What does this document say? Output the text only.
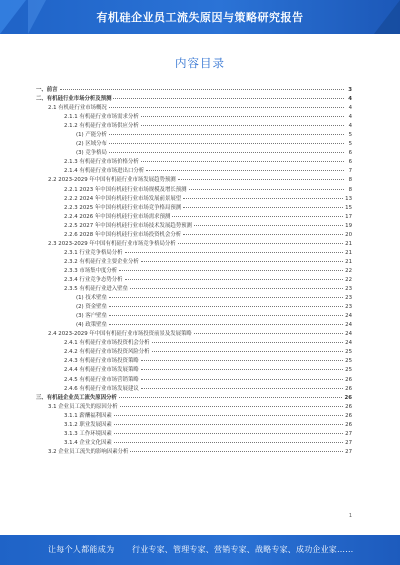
有机硅企业员工流失原因与策略研究报告
内容目录
一、前言	3
二、有机硅行业市场分析及预测	4
2.1 有机硅行业市场概况	4
2.1.1 有机硅行业市场需求分析	4
2.1.2 有机硅行业市场供应分析	4
(1) 产能分析	5
(2) 区域分布	5
(3) 竞争格局	6
2.1.3 有机硅行业市场价格分析	6
2.1.4 有机硅行业市场进出口分析	7
2.2 2023-2029 年中国有机硅行业市场发展趋势预测	8
2.2.1 2023 年中国有机硅行业市场规模及增长预测	8
2.2.2 2024 年中国有机硅行业市场发展前景展望	13
2.2.3 2025 年中国有机硅行业市场竞争格局预测	15
2.2.4 2026 年中国有机硅行业市场需求预测	17
2.2.5 2027 年中国有机硅行业市场技术发展趋势预测	19
2.2.6 2028 年中国有机硅行业市场投资机会分析	20
2.3 2023-2029 年中国有机硅行业市场竞争格局分析	21
2.3.1 行业竞争格局分析	21
2.3.2 有机硅行业主要企业分析	21
2.3.3 市场集中度分析	22
2.3.4 行业竞争态势分析	22
2.3.5 有机硅行业进入壁垒	23
(1) 技术壁垒	23
(2) 资金壁垒	23
(3) 客户壁垒	24
(4) 政策壁垒	24
2.4 2023-2029 年中国有机硅行业市场投资前景及发展策略	24
2.4.1 有机硅行业市场投资机会分析	24
2.4.2 有机硅行业市场投资风险分析	25
2.4.3 有机硅行业市场投资策略	25
2.4.4 有机硅行业市场发展策略	25
2.4.5 有机硅行业市场营销策略	26
2.4.6 有机硅行业市场发展建议	26
三、有机硅企业员工流失原因分析	26
3.1 企业员工流失的原因分析	26
3.1.1 薪酬福利因素	26
3.1.2 职业发展因素	26
3.1.3 工作环境因素	27
3.1.4 企业文化因素	27
3.2 企业员工流失的影响因素分析	27
1
让每个人都能成为 行业专家、管理专家、营销专家、战略专家、成功企业家……
